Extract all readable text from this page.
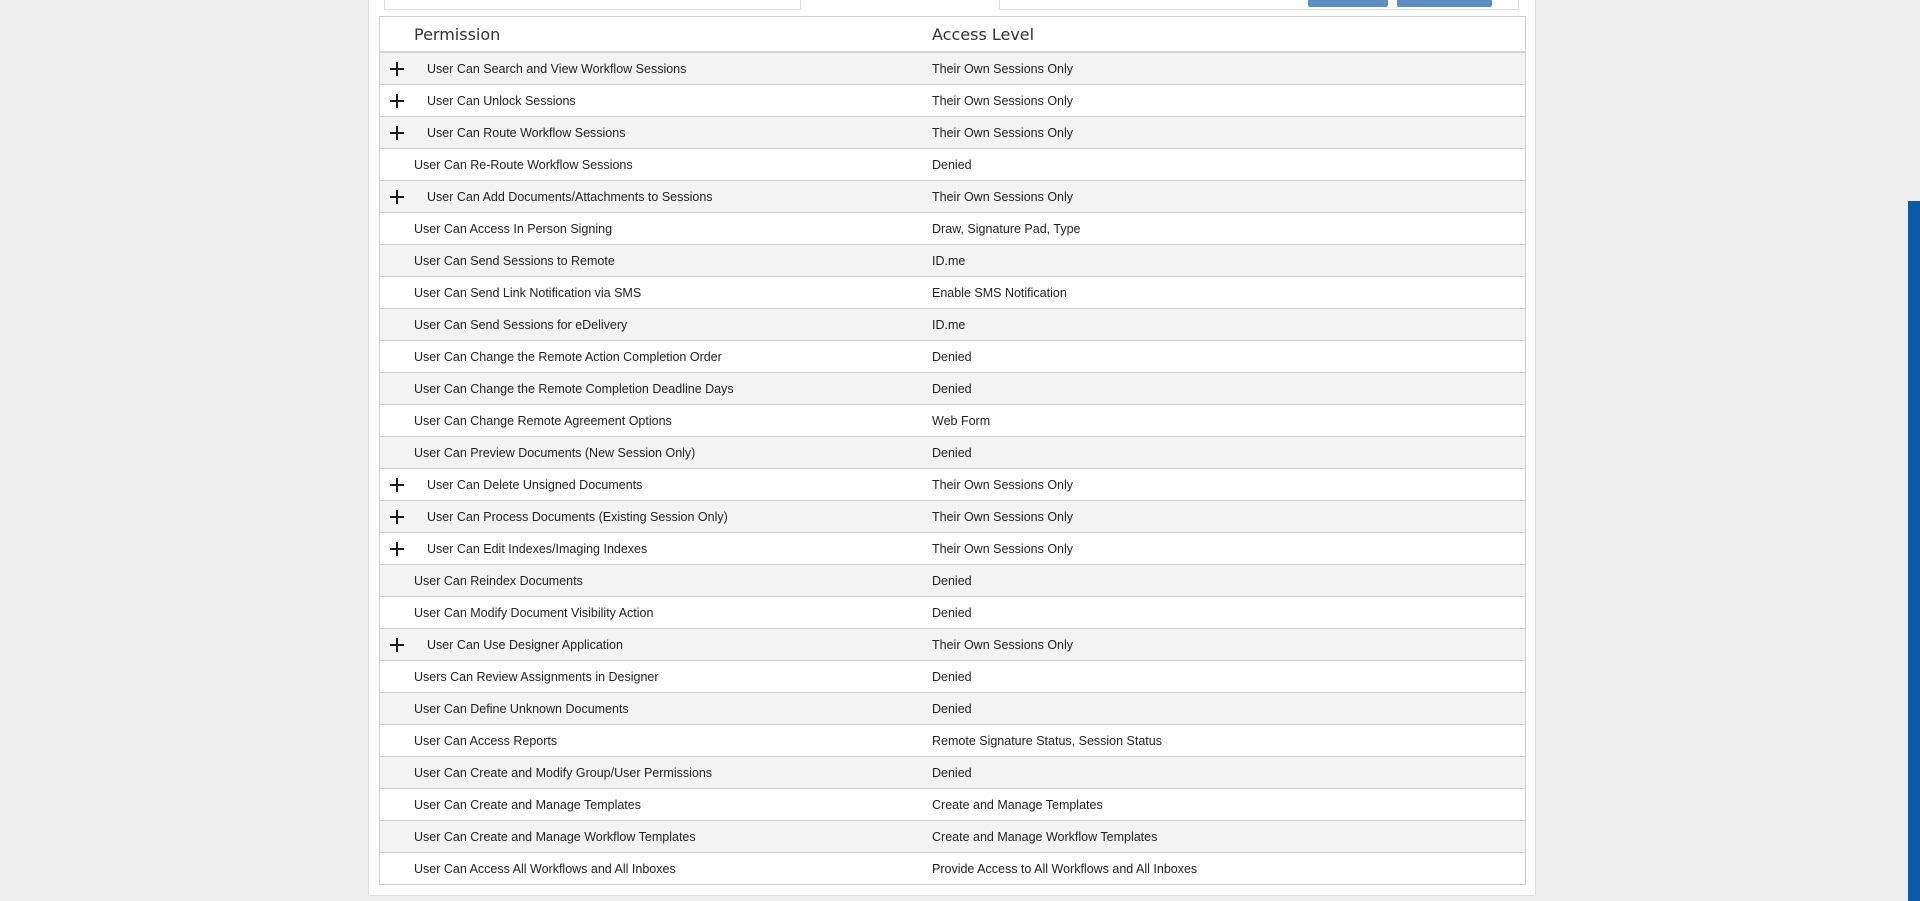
Permission	Access Level
User Can Search and View Workflow Sessions	Their Own Sessions Only
User Can Unlock Sessions	Their Own Sessions Only
User Can Route Workflow Sessions	Their Own Sessions Only
User Can Re-Route Workflow Sessions	Denied
User Can Add Documents/Attachments to Sessions	Their Own Sessions Only
User Can Access In Person Signing	Draw, Signature Pad, Type
User Can Send Sessions to Remote	ID.me
User Can Send Link Notification via SMS	Enable SMS Notification
User Can Send Sessions for eDelivery	ID.me
User Can Change the Remote Action Completion Order	Denied
User Can Change the Remote Completion Deadline Days	Denied
User Can Change Remote Agreement Options	Web Form
User Can Preview Documents (New Session Only)	Denied
User Can Delete Unsigned Documents	Their Own Sessions Only
User Can Process Documents (Existing Session Only)	Their Own Sessions Only
User Can Edit Indexes/Imaging Indexes	Their Own Sessions Only
User Can Reindex Documents	Denied
User Can Modify Document Visibility Action	Denied
User Can Use Designer Application	Their Own Sessions Only
Users Can Review Assignments in Designer	Denied
User Can Define Unknown Documents	Denied
User Can Access Reports	Remote Signature Status, Session Status
User Can Create and Modify Group/User Permissions	Denied
User Can Create and Manage Templates	Create and Manage Templates
User Can Create and Manage Workflow Templates	Create and Manage Workflow Templates
User Can Access All Workflows and All Inboxes	Provide Access to All Workflows and All Inboxes
